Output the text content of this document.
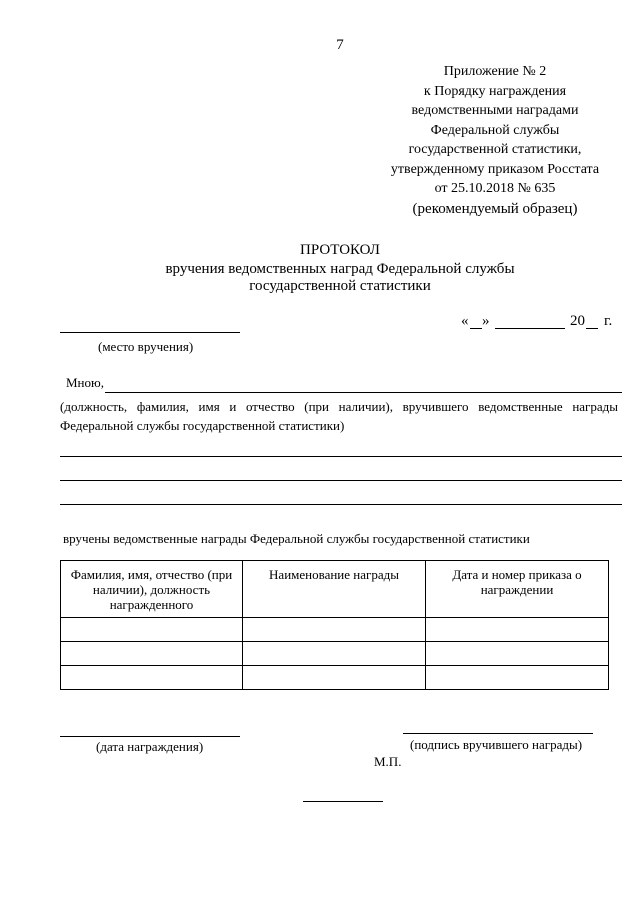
7
Приложение № 2
к Порядку награждения
ведомственными наградами
Федеральной службы
государственной статистики,
утвержденному приказом Росстата
от 25.10.2018 № 635
(рекомендуемый образец)
ПРОТОКОЛ
вручения ведомственных наград Федеральной службы
государственной статистики
« »	20 г.
(место вручения)
Мною,
(должность, фамилия, имя и отчество (при наличии), вручившего ведомственные награды
Федеральной службы государственной статистики)
вручены ведомственные награды Федеральной службы государственной статистики
Фамилия, имя, отчество (при наличии), должность награжденного	Наименование награды	Дата и номер приказа о награждении

(дата награждения)	(подпись вручившего награды)
М.П.
